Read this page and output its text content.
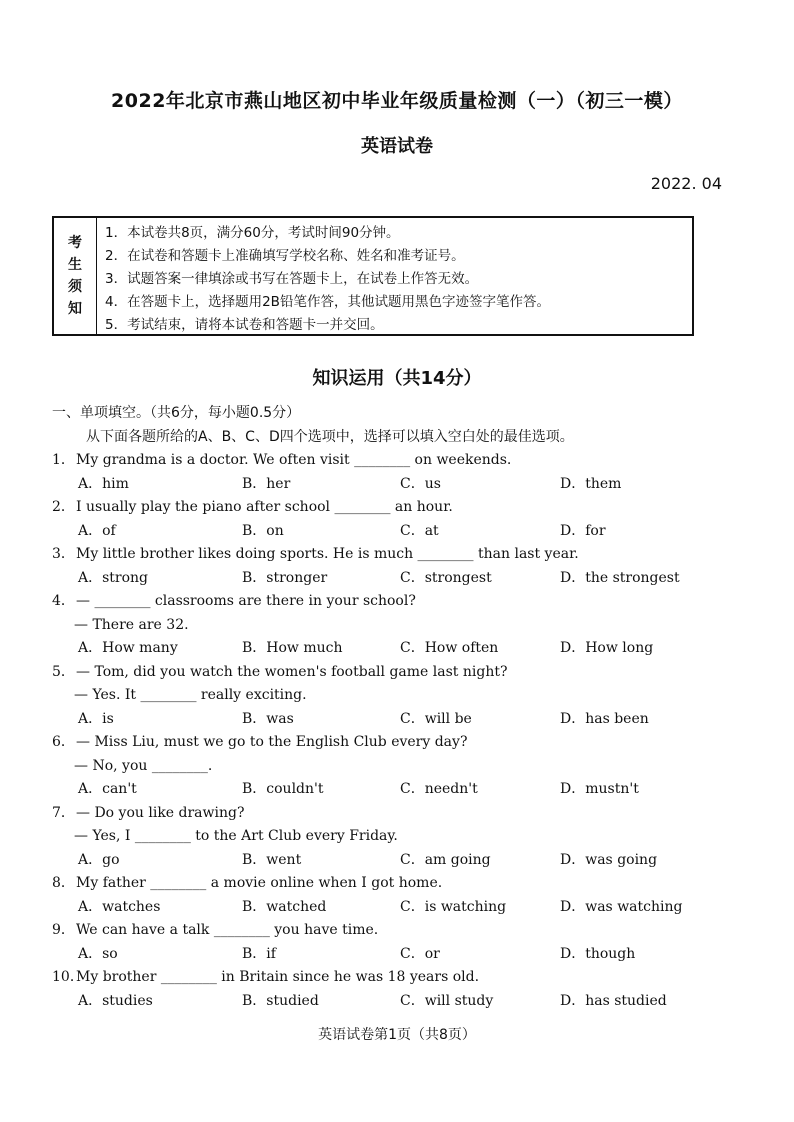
2022年北京市燕山地区初中毕业年级质量检测（一）（初三一模）
英语试卷
2022. 04
考
生
须
知
1．本试卷共8页，满分60分，考试时间90分钟。
2．在试卷和答题卡上准确填写学校名称、姓名和准考证号。
3．试题答案一律填涂或书写在答题卡上，在试卷上作答无效。
4．在答题卡上，选择题用2B铅笔作答，其他试题用黑色字迹签字笔作答。
5．考试结束，请将本试卷和答题卡一并交回。
知识运用（共14分）
一、单项填空。（共6分，每小题0.5分）
从下面各题所给的A、B、C、D四个选项中，选择可以填入空白处的最佳选项。
1．My grandma is a doctor. We often visit ________ on weekends.
A．him	B．her	C．us	D．them
2．I usually play the piano after school ________ an hour.
A．of	B．on	C．at	D．for
3．My little brother likes doing sports. He is much ________ than last year.
A．strong	B．stronger	C．strongest	D．the strongest
4．— ________ classrooms are there in your school?
— There are 32.
A．How many	B．How much	C．How often	D．How long
5．— Tom, did you watch the women's football game last night?
— Yes. It ________ really exciting.
A．is	B．was	C．will be	D．has been
6．— Miss Liu, must we go to the English Club every day?
— No, you ________.
A．can't	B．couldn't	C．needn't	D．mustn't
7．— Do you like drawing?
— Yes, I ________ to the Art Club every Friday.
A．go	B．went	C．am going	D．was going
8．My father ________ a movie online when I got home.
A．watches	B．watched	C．is watching	D．was watching
9．We can have a talk ________ you have time.
A．so	B．if	C．or	D．though
10．My brother ________ in Britain since he was 18 years old.
A．studies	B．studied	C．will study	D．has studied
英语试卷第1页（共8页）
